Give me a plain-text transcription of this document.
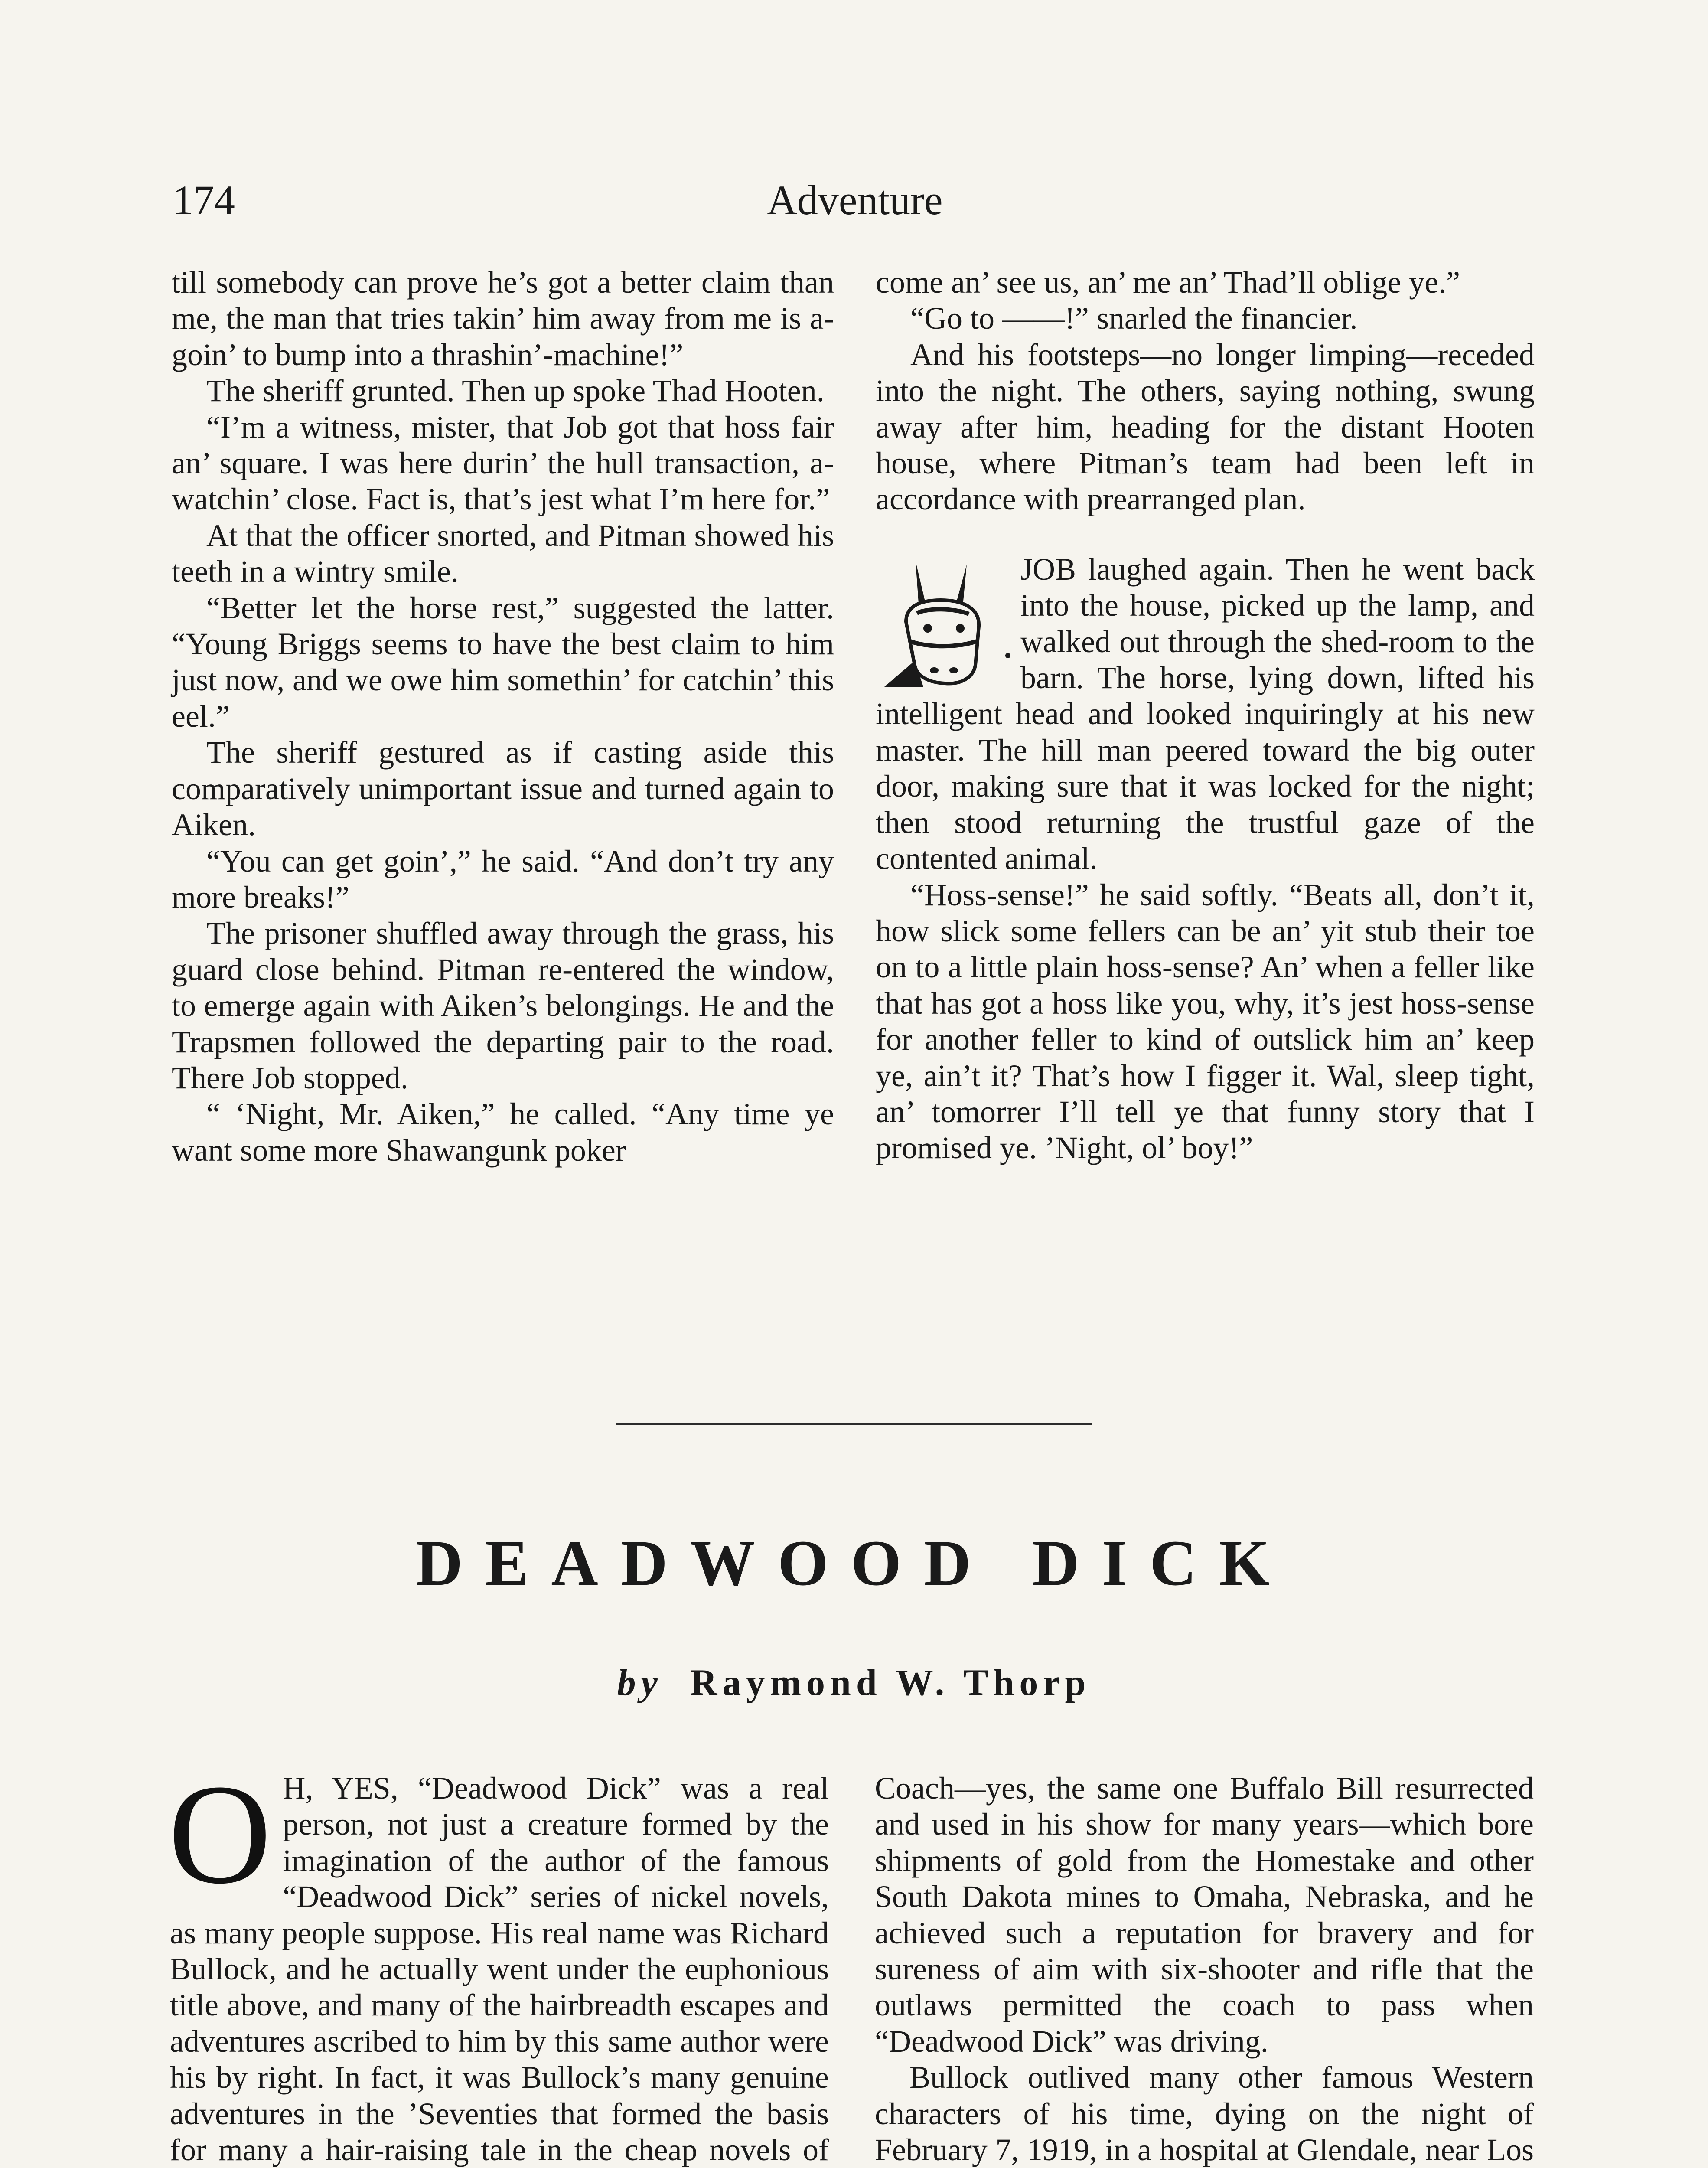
174	Adventure

till somebody can prove he’s got a better claim than me, the man that tries takin’ him away from me is a-goin’ to bump into a thrashin’-machine!”

The sheriff grunted. Then up spoke Thad Hooten.

“I’m a witness, mister, that Job got that hoss fair an’ square. I was here durin’ the hull transaction, a-watchin’ close. Fact is, that’s jest what I’m here for.”

At that the officer snorted, and Pitman showed his teeth in a wintry smile.

“Better let the horse rest,” suggested the latter. “Young Briggs seems to have the best claim to him just now, and we owe him somethin’ for catchin’ this eel.”

The sheriff gestured as if casting aside this comparatively unimportant issue and turned again to Aiken.

“You can get goin’,” he said. “And don’t try any more breaks!”

The prisoner shuffled away through the grass, his guard close behind. Pitman re-entered the window, to emerge again with Aiken’s belongings. He and the Trapsmen followed the departing pair to the road. There Job stopped.

“ ‘Night, Mr. Aiken,” he called. “Any time ye want some more Shawangunk poker

come an’ see us, an’ me an’ Thad’ll oblige ye.”

“Go to ——!” snarled the financier.

And his footsteps—no longer limping—receded into the night. The others, saying nothing, swung away after him, heading for the distant Hooten house, where Pitman’s team had been left in accordance with prearranged plan.

JOB laughed again. Then he went back into the house, picked up the lamp, and walked out through the shed-room to the barn. The horse, lying down, lifted his intelligent head and looked inquiringly at his new master. The hill man peered toward the big outer door, making sure that it was locked for the night; then stood returning the trustful gaze of the contented animal.

“Hoss-sense!” he said softly. “Beats all, don’t it, how slick some fellers can be an’ yit stub their toe on to a little plain hoss-sense? An’ when a feller like that has got a hoss like you, why, it’s jest hoss-sense for another feller to kind of outslick him an’ keep ye, ain’t it? That’s how I figger it. Wal, sleep tight, an’ tomorrer I’ll tell ye that funny story that I promised ye. ’Night, ol’ boy!”

DEADWOOD DICK
by Raymond W. Thorp

O H, YES, “Deadwood Dick” was a real person, not just a creature formed by the imagination of the author of the famous “Deadwood Dick” series of nickel novels, as many people suppose. His real name was Richard Bullock, and he actually went under the euphonious title above, and many of the hairbreadth escapes and adventures ascribed to him by this same author were his by right. In fact, it was Bullock’s many genuine adventures in the ’Seventies that formed the basis for many a hair-raising tale in the cheap novels of

Coach—yes, the same one Buffalo Bill resurrected and used in his show for many years—which bore shipments of gold from the Homestake and other South Dakota mines to Omaha, Nebraska, and he achieved such a reputation for bravery and for sureness of aim with six-shooter and rifle that the outlaws permitted the coach to pass when “Deadwood Dick” was driving.

Bullock outlived many other famous Western characters of his time, dying on the night of February 7, 1919, in a hospital at Glendale, near Los
